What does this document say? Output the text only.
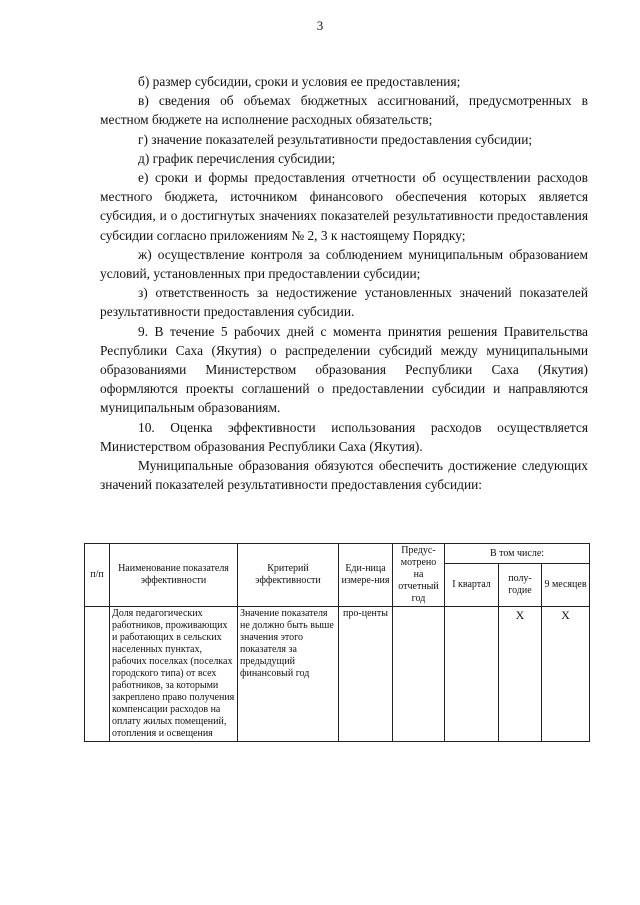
3

б) размер субсидии, сроки и условия ее предоставления;

в) сведения об объемах бюджетных ассигнований, предусмотренных в местном бюджете на исполнение расходных обязательств;

г) значение показателей результативности предоставления субсидии;

д) график перечисления субсидии;

е) сроки и формы предоставления отчетности об осуществлении расходов местного бюджета, источником финансового обеспечения которых является субсидия, и о достигнутых значениях показателей результативности предоставления субсидии согласно приложениям № 2, 3 к настоящему Порядку;

ж) осуществление контроля за соблюдением муниципальным образованием условий, установленных при предоставлении субсидии;

з) ответственность за недостижение установленных значений показателей результативности предоставления субсидии.

9. В течение 5 рабочих дней с момента принятия решения Правительства Республики Саха (Якутия) о распределении субсидий между муниципальными образованиями Министерством образования Республики Саха (Якутия) оформляются проекты соглашений о предоставлении субсидии и направляются муниципальным образованиям.

10. Оценка эффективности использования расходов осуществляется Министерством образования Республики Саха (Якутия).

Муниципальные образования обязуются обеспечить достижение следующих значений показателей результативности предоставления субсидии:

п/п	Наименование показателя эффективности	Критерий эффективности	Еди-ница измере-ния	Предус-мотрено на отчетный год	В том числе:		
					I квартал	полу-годие	9 месяцев
	Доля педагогических работников, проживающих и работающих в сельских населенных пунктах, рабочих поселках (поселках городского типа) от всех работников, за которыми закреплено право получения компенсации расходов на оплату жилых помещений, отопления и освещения	Значение показателя не должно быть выше значения этого показателя за предыдущий финансовый год	про-центы			X	X
